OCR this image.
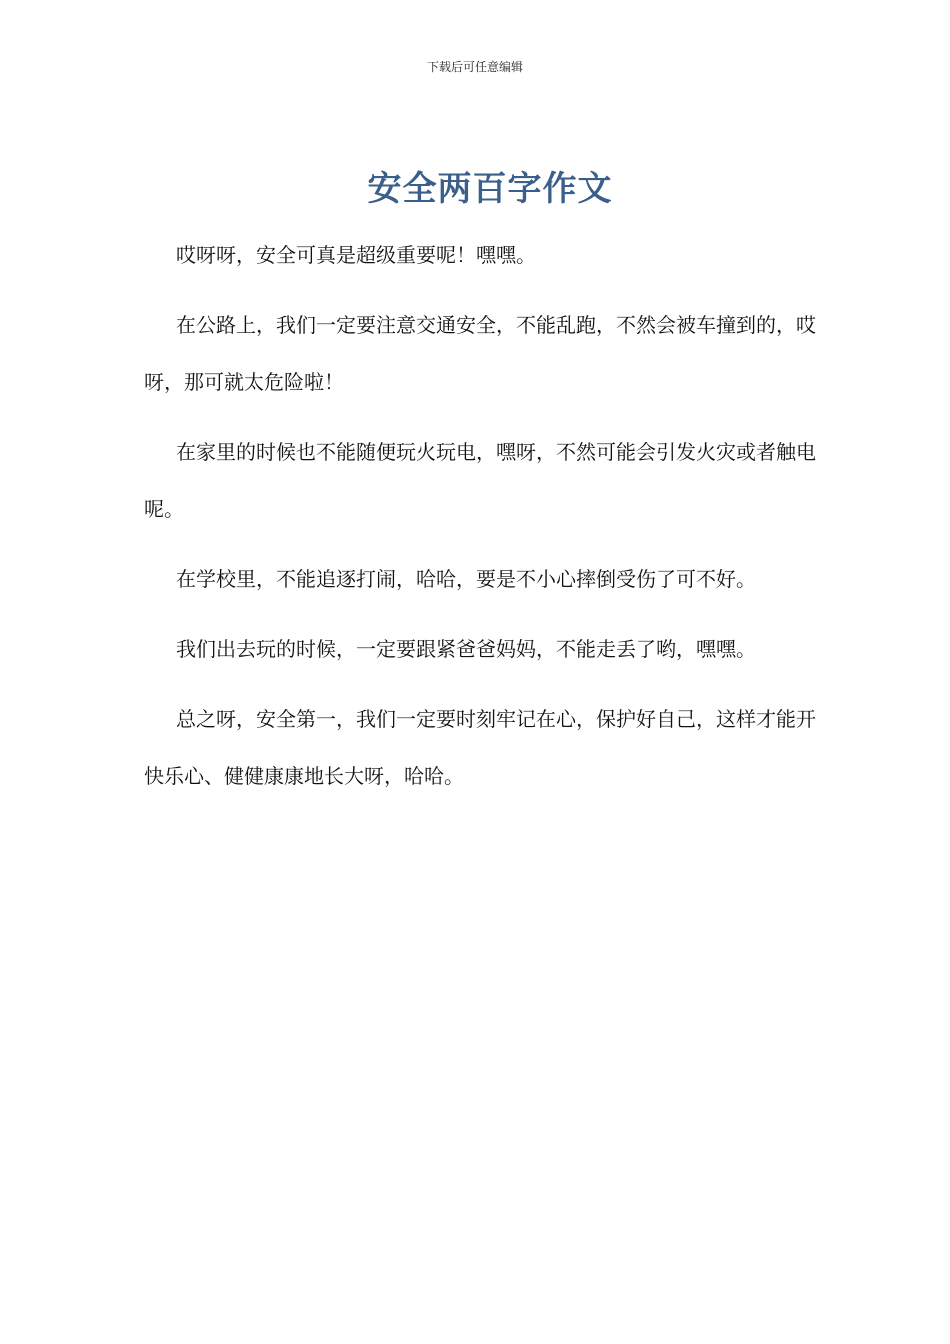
下载后可任意编辑
安全两百字作文

哎呀呀，安全可真是超级重要呢！嘿嘿。

在公路上，我们一定要注意交通安全，不能乱跑，不然会被车撞到的，哎呀，那可就太危险啦！

在家里的时候也不能随便玩火玩电，嘿呀，不然可能会引发火灾或者触电呢。

在学校里，不能追逐打闹，哈哈，要是不小心摔倒受伤了可不好。

我们出去玩的时候，一定要跟紧爸爸妈妈，不能走丢了哟，嘿嘿。

总之呀，安全第一，我们一定要时刻牢记在心，保护好自己，这样才能开快乐心、健健康康地长大呀，哈哈。
